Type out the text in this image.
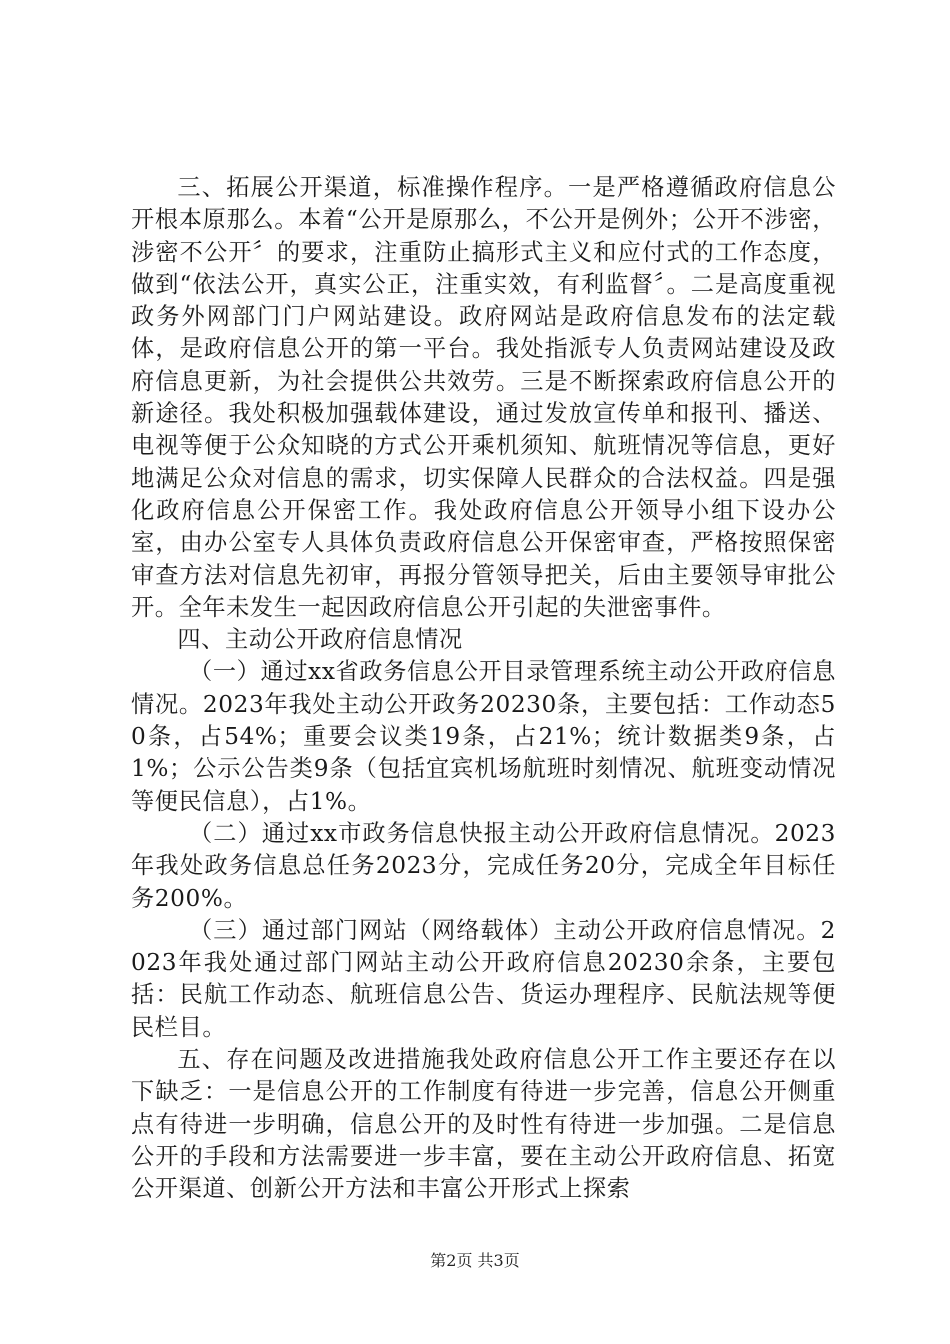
三、拓展公开渠道，标准操作程序。一是严格遵循政府信息公开根本原那么。本着“公开是原那么，不公开是例外；公开不涉密，涉密不公开〞的要求，注重防止搞形式主义和应付式的工作态度，做到“依法公开，真实公正，注重实效，有利监督〞。二是高度重视政务外网部门门户网站建设。政府网站是政府信息发布的法定载体，是政府信息公开的第一平台。我处指派专人负责网站建设及政府信息更新，为社会提供公共效劳。三是不断探索政府信息公开的新途径。我处积极加强载体建设，通过发放宣传单和报刊、播送、电视等便于公众知晓的方式公开乘机须知、航班情况等信息，更好地满足公众对信息的需求，切实保障人民群众的合法权益。四是强化政府信息公开保密工作。我处政府信息公开领导小组下设办公室，由办公室专人具体负责政府信息公开保密审查，严格按照保密审查方法对信息先初审，再报分管领导把关，后由主要领导审批公开。全年未发生一起因政府信息公开引起的失泄密事件。

四、主动公开政府信息情况

（一）通过xx省政务信息公开目录管理系统主动公开政府信息情况。2023年我处主动公开政务20230条，主要包括：工作动态50条，占54%；重要会议类19条，占21%；统计数据类9条，占1%；公示公告类9条（包括宜宾机场航班时刻情况、航班变动情况等便民信息），占1%。

（二）通过xx市政务信息快报主动公开政府信息情况。2023年我处政务信息总任务2023分，完成任务20分，完成全年目标任务200%。

（三）通过部门网站（网络载体）主动公开政府信息情况。2023年我处通过部门网站主动公开政府信息20230余条，主要包括：民航工作动态、航班信息公告、货运办理程序、民航法规等便民栏目。

五、存在问题及改进措施我处政府信息公开工作主要还存在以下缺乏：一是信息公开的工作制度有待进一步完善，信息公开侧重点有待进一步明确，信息公开的及时性有待进一步加强。二是信息公开的手段和方法需要进一步丰富，要在主动公开政府信息、拓宽公开渠道、创新公开方法和丰富公开形式上探索

第2页 共3页
